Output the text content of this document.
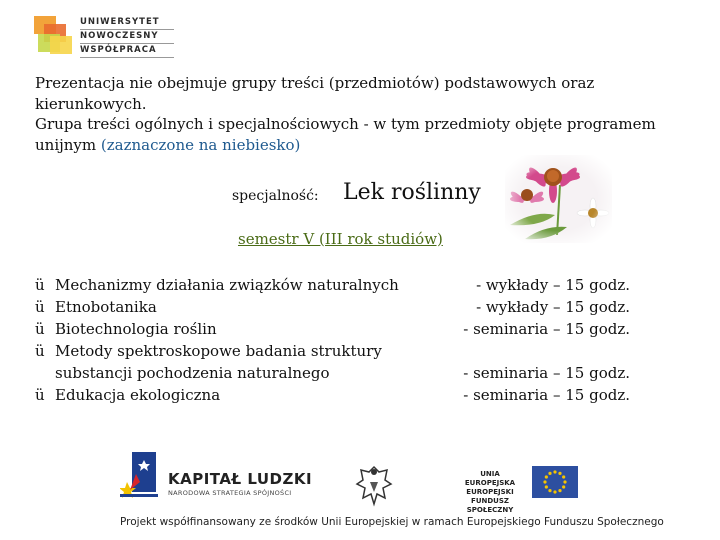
UNIWERSYTET
NOWOCZESNY
WSPÓŁPRACA
Prezentacja nie obejmuje grupy treści (przedmiotów) podstawowych oraz kierunkowych.
Grupa treści ogólnych i specjalnościowych - w tym przedmioty objęte programem unijnym (zaznaczone na niebiesko)
specjalność: Lek roślinny
semestr V (III rok studiów)
ü Mechanizmy działania związków naturalnych
ü Etnobotanika
ü Biotechnologia roślin
ü Metody spektroskopowe badania struktury
substancji pochodzenia naturalnego
ü Edukacja ekologiczna
- wykłady – 15 godz.
- wykłady – 15 godz.
- seminaria – 15 godz.
- seminaria – 15 godz.
- seminaria – 15 godz.
KAPITAŁ LUDZKI
NARODOWA STRATEGIA SPÓJNOŚCI
UNIA EUROPEJSKA
EUROPEJSKI
FUNDUSZ SPOŁECZNY
Projekt współfinansowany ze środków Unii Europejskiej w ramach Europejskiego Funduszu Społecznego
